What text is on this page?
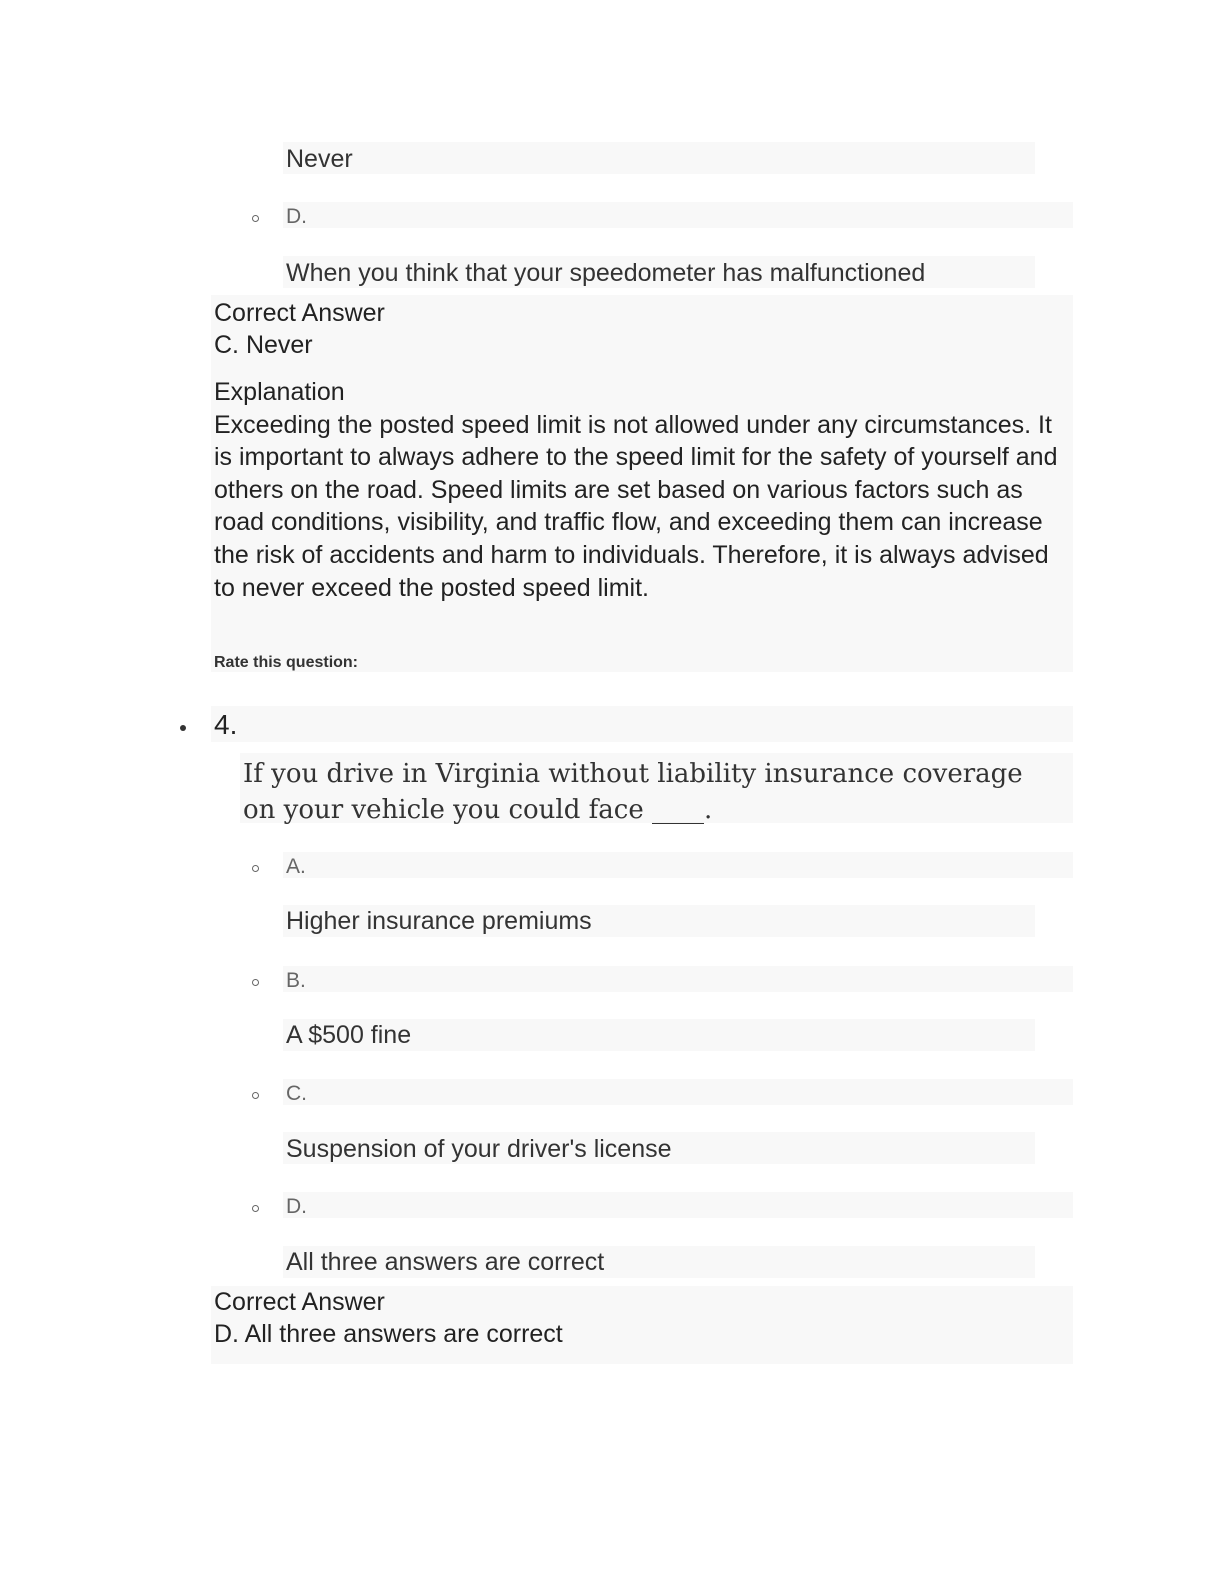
Never
D.
When you think that your speedometer has malfunctioned
Correct Answer
C. Never
Explanation
Exceeding the posted speed limit is not allowed under any circumstances. It is important to always adhere to the speed limit for the safety of yourself and others on the road. Speed limits are set based on various factors such as road conditions, visibility, and traffic flow, and exceeding them can increase the risk of accidents and harm to individuals. Therefore, it is always advised to never exceed the posted speed limit.
Rate this question:
4.
If you drive in Virginia without liability insurance coverage on your vehicle you could face ____.
A.
Higher insurance premiums
B.
A $500 fine
C.
Suspension of your driver's license
D.
All three answers are correct
Correct Answer
D. All three answers are correct
